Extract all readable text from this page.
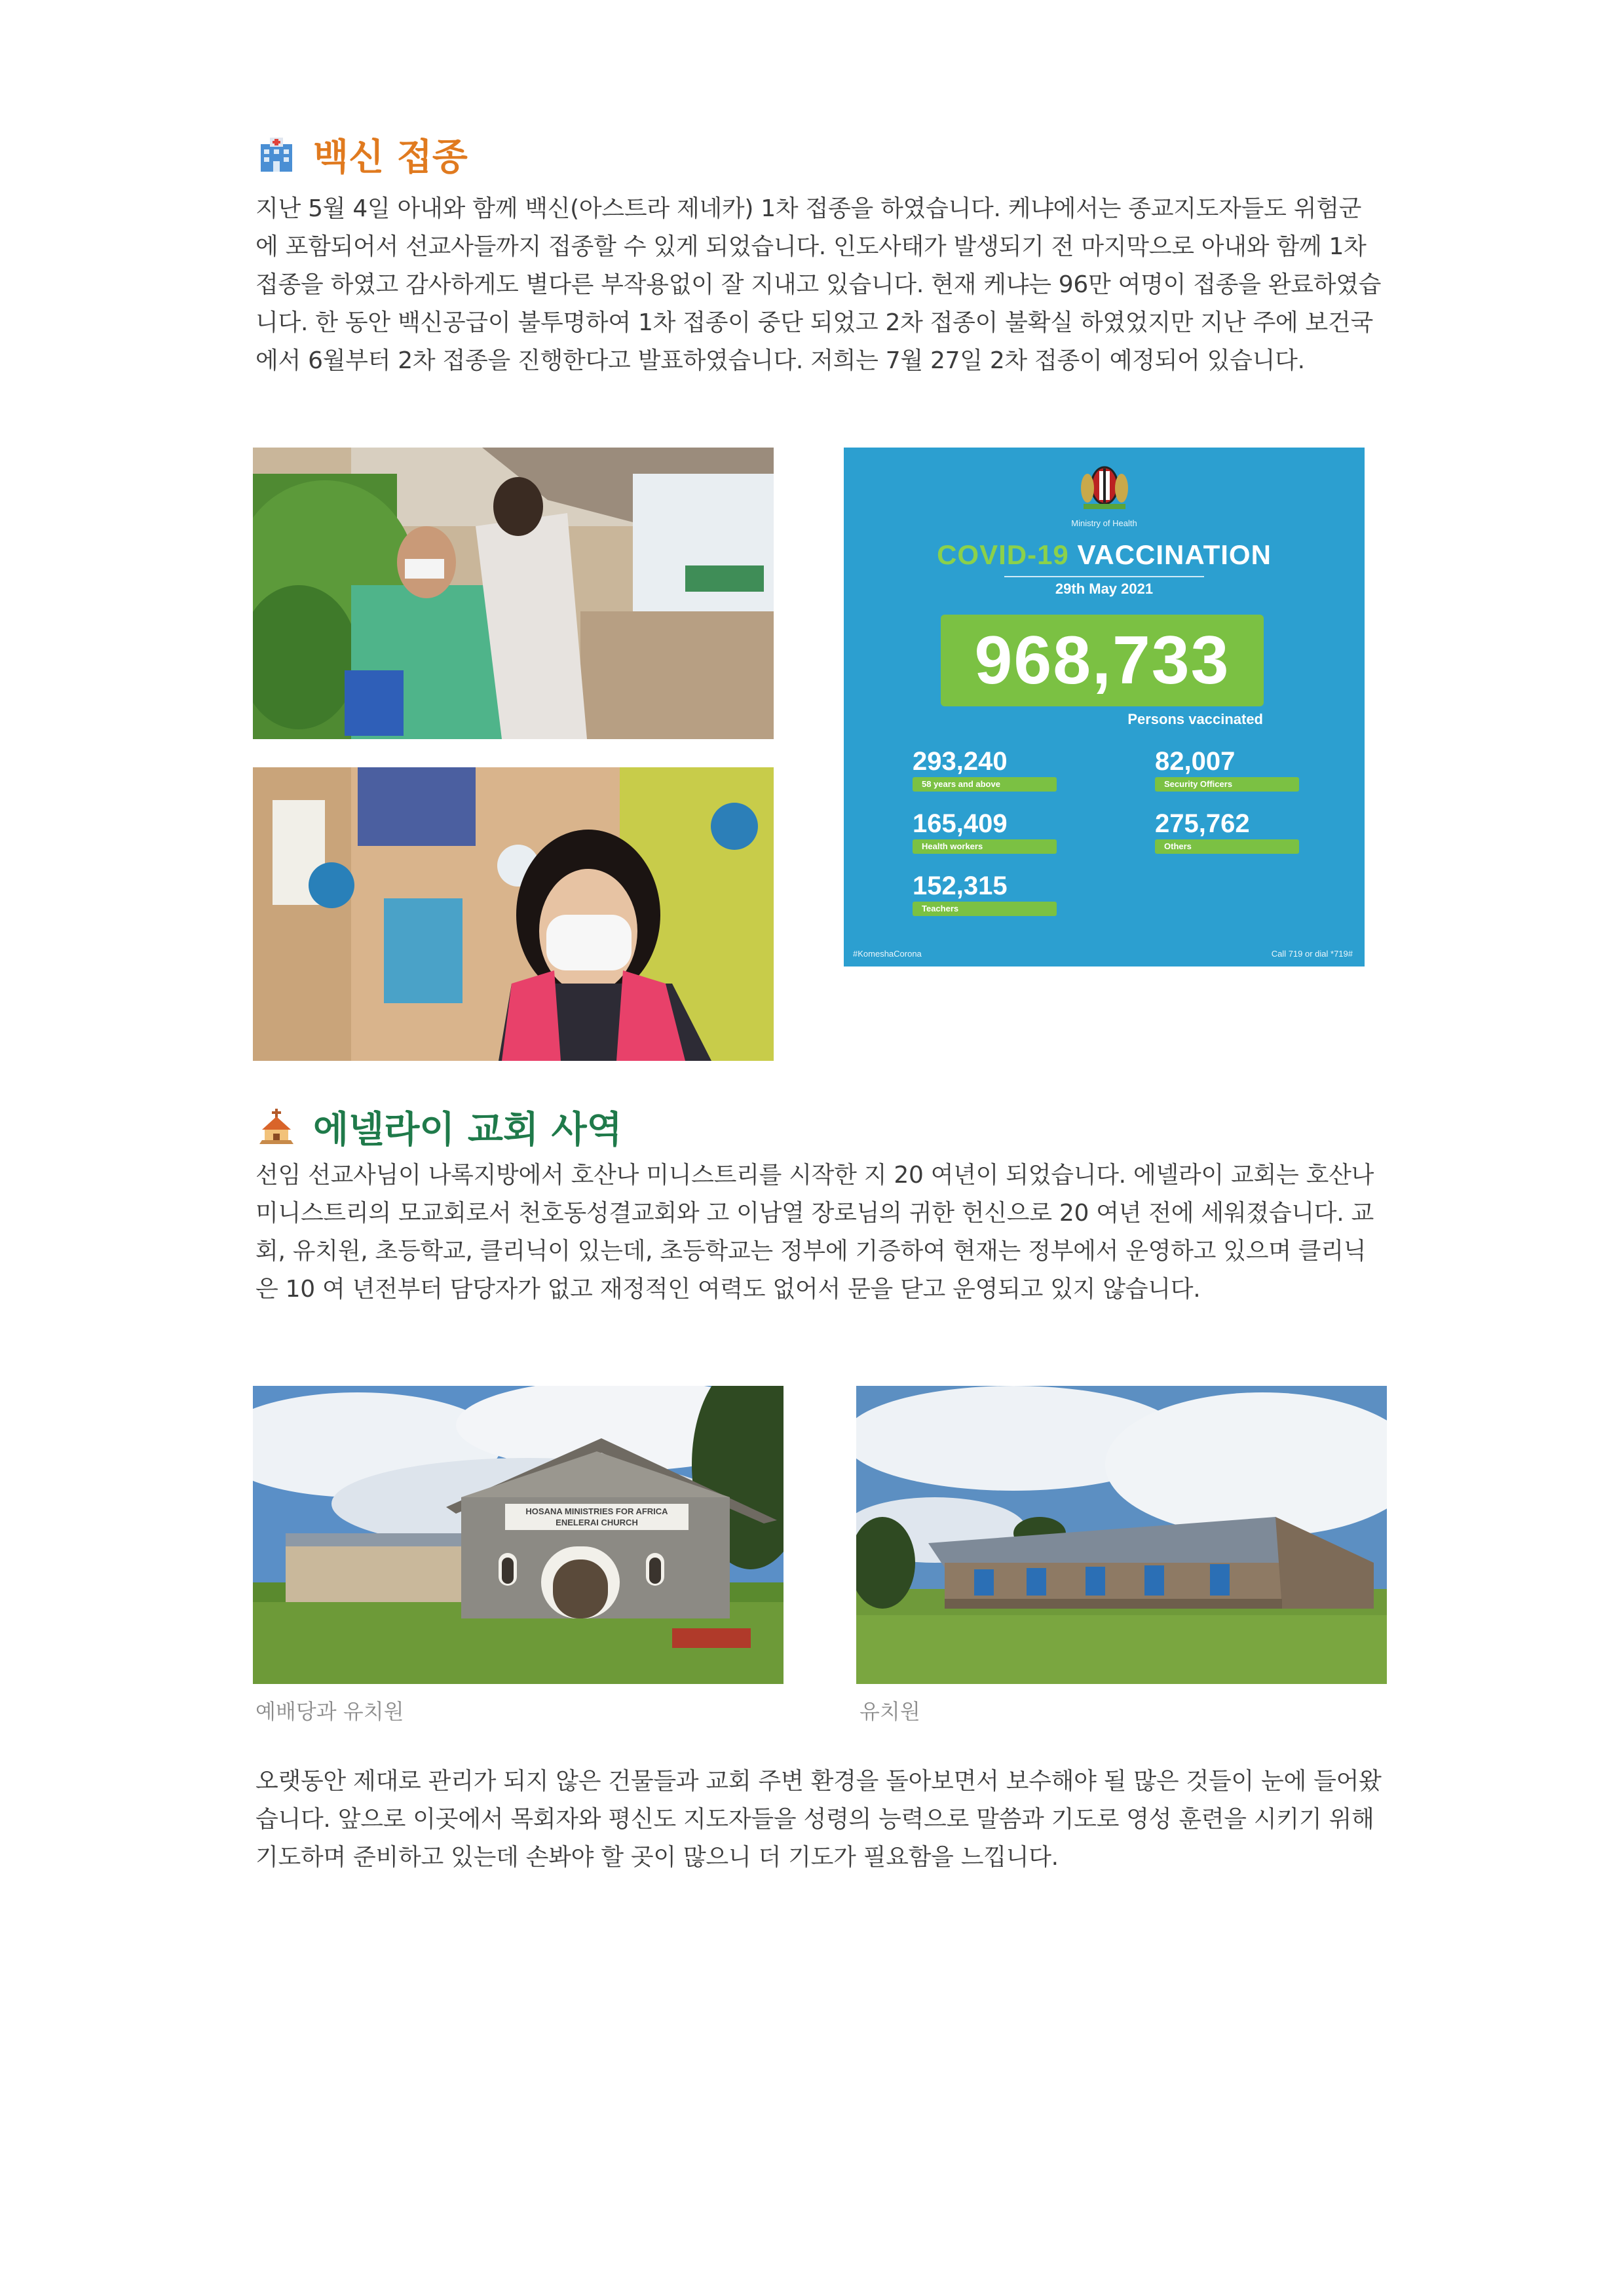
백신 접종
지난 5월 4일 아내와 함께 백신(아스트라 제네카) 1차 접종을 하였습니다. 케냐에서는 종교지도자들도 위험군에 포함되어서 선교사들까지 접종할 수 있게 되었습니다. 인도사태가 발생되기 전 마지막으로 아내와 함께 1차 접종을 하였고 감사하게도 별다른 부작용없이 잘 지내고 있습니다. 현재 케냐는 96만 여명이 접종을 완료하였습니다. 한 동안 백신공급이 불투명하여 1차 접종이 중단 되었고 2차 접종이 불확실 하였었지만 지난 주에 보건국에서 6월부터 2차 접종을 진행한다고 발표하였습니다. 저희는 7월 27일 2차 접종이 예정되어 있습니다.
Ministry of Health
COVID-19 VACCINATION
29th May 2021
968,733
Persons vaccinated
293,240
58 years and above
82,007
Security Officers
165,409
Health workers
275,762
Others
152,315
Teachers
#KomeshaCorona	Call 719 or dial *719#
에넬라이 교회 사역
선임 선교사님이 나록지방에서 호산나 미니스트리를 시작한 지 20 여년이 되었습니다. 에넬라이 교회는 호산나 미니스트리의 모교회로서 천호동성결교회와 고 이남열 장로님의 귀한 헌신으로 20 여년 전에 세워졌습니다. 교회, 유치원, 초등학교, 클리닉이 있는데, 초등학교는 정부에 기증하여 현재는 정부에서 운영하고 있으며 클리닉은 10 여 년전부터 담당자가 없고 재정적인 여력도 없어서 문을 닫고 운영되고 있지 않습니다.
HOSANA MINISTRIES FOR AFRICA
ENELERAI CHURCH
예배당과 유치원	유치원
오랫동안 제대로 관리가 되지 않은 건물들과 교회 주변 환경을 돌아보면서 보수해야 될 많은 것들이 눈에 들어왔습니다. 앞으로 이곳에서 목회자와 평신도 지도자들을 성령의 능력으로 말씀과 기도로 영성 훈련을 시키기 위해 기도하며 준비하고 있는데 손봐야 할 곳이 많으니 더 기도가 필요함을 느낍니다.
